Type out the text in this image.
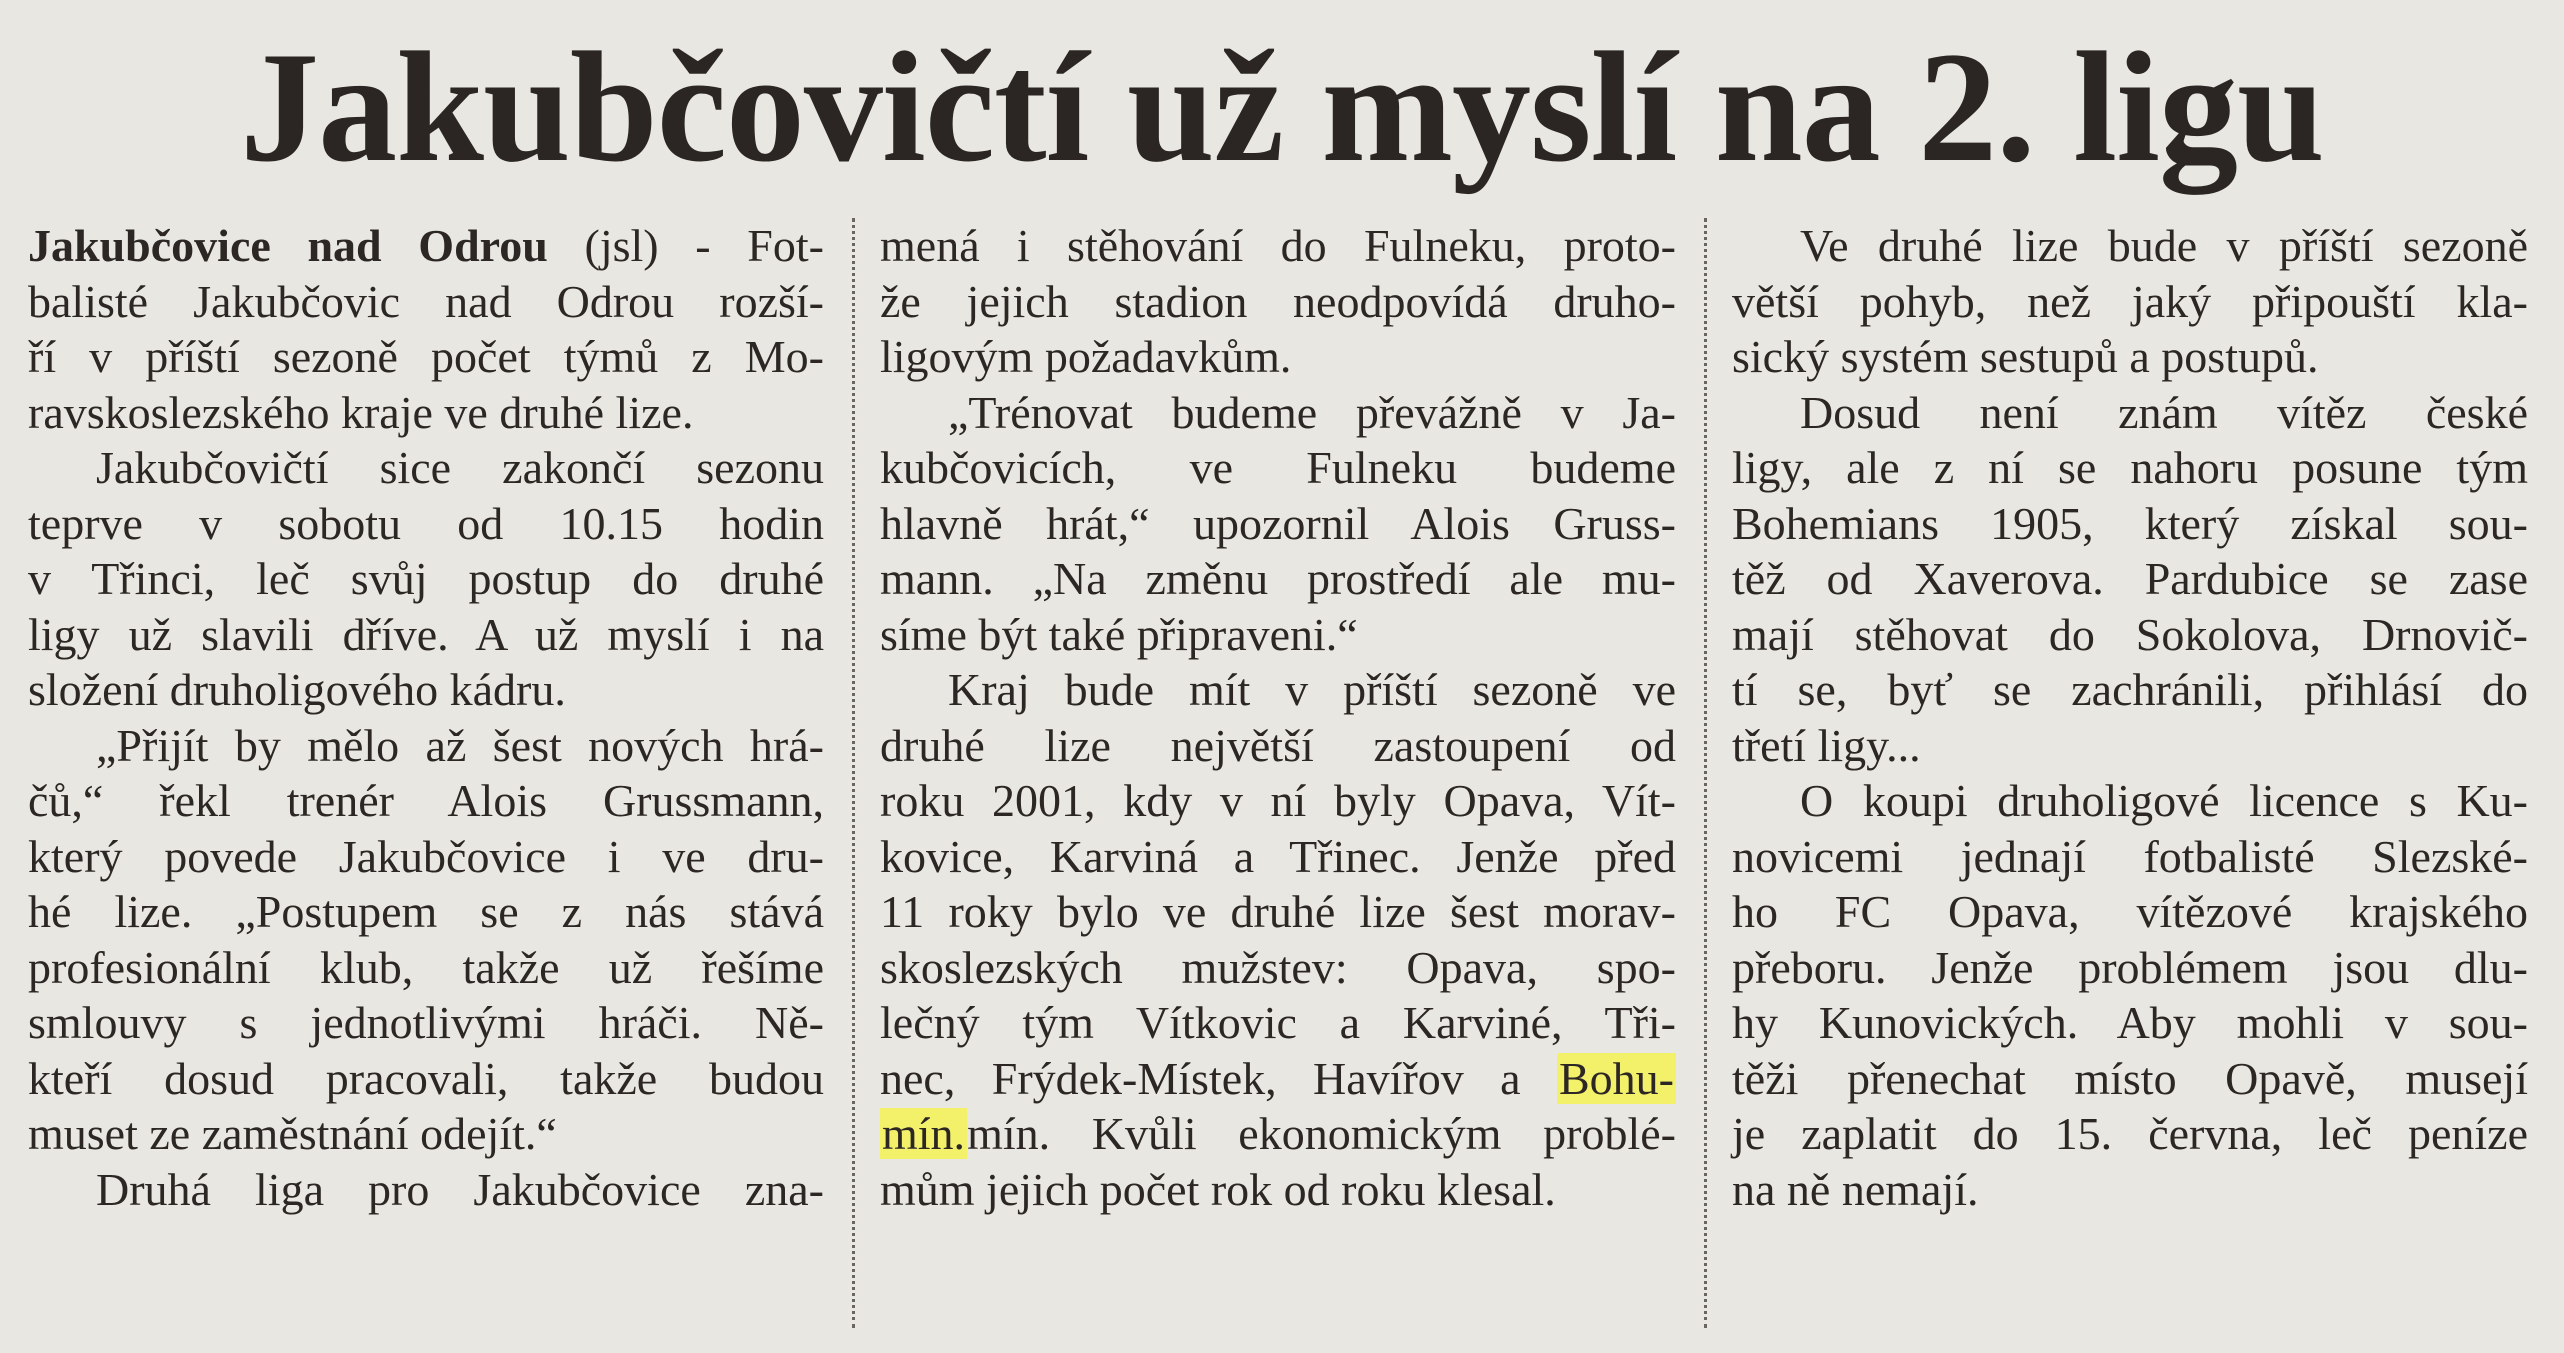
Jakubčovičtí už myslí na 2. ligu

Jakubčovice nad Odrou (jsl) - Fot-
balisté Jakubčovic nad Odrou rozší-
ří v příští sezoně počet týmů z Mo-
ravskoslezského kraje ve druhé lize.

Jakubčovičtí sice zakončí sezonu
teprve v sobotu od 10.15 hodin
v Třinci, leč svůj postup do druhé
ligy už slavili dříve. A už myslí i na
složení druholigového kádru.

„Přijít by mělo až šest nových hrá-
čů,“ řekl trenér Alois Grussmann,
který povede Jakubčovice i ve dru-
hé lize. „Postupem se z nás stává
profesionální klub, takže už řešíme
smlouvy s jednotlivými hráči. Ně-
kteří dosud pracovali, takže budou
muset ze zaměstnání odejít.“

Druhá liga pro Jakubčovice zna-

mená i stěhování do Fulneku, proto-
že jejich stadion neodpovídá druho-
ligovým požadavkům.

„Trénovat budeme převážně v Ja-
kubčovicích, ve Fulneku budeme
hlavně hrát,“ upozornil Alois Gruss-
mann. „Na změnu prostředí ale mu-
síme být také připraveni.“

Kraj bude mít v příští sezoně ve
druhé lize největší zastoupení od
roku 2001, kdy v ní byly Opava, Vít-
kovice, Karviná a Třinec. Jenže před
11 roky bylo ve druhé lize šest morav-
skoslezských mužstev: Opava, spo-
lečný tým Vítkovic a Karviné, Tři-
nec, Frýdek-Místek, Havířov a Bohu-
mín.mín. Kvůli ekonomickým problé-
mům jejich počet rok od roku klesal.

Ve druhé lize bude v příští sezoně
větší pohyb, než jaký připouští kla-
sický systém sestupů a postupů.

Dosud není znám vítěz české
ligy, ale z ní se nahoru posune tým
Bohemians 1905, který získal sou-
těž od Xaverova. Pardubice se zase
mají stěhovat do Sokolova, Drnovič-
tí se, byť se zachránili, přihlásí do
třetí ligy...

O koupi druholigové licence s Ku-
novicemi jednají fotbalisté Slezské-
ho FC Opava, vítězové krajského
přeboru. Jenže problémem jsou dlu-
hy Kunovických. Aby mohli v sou-
těži přenechat místo Opavě, musejí
je zaplatit do 15. června, leč peníze
na ně nemají.
